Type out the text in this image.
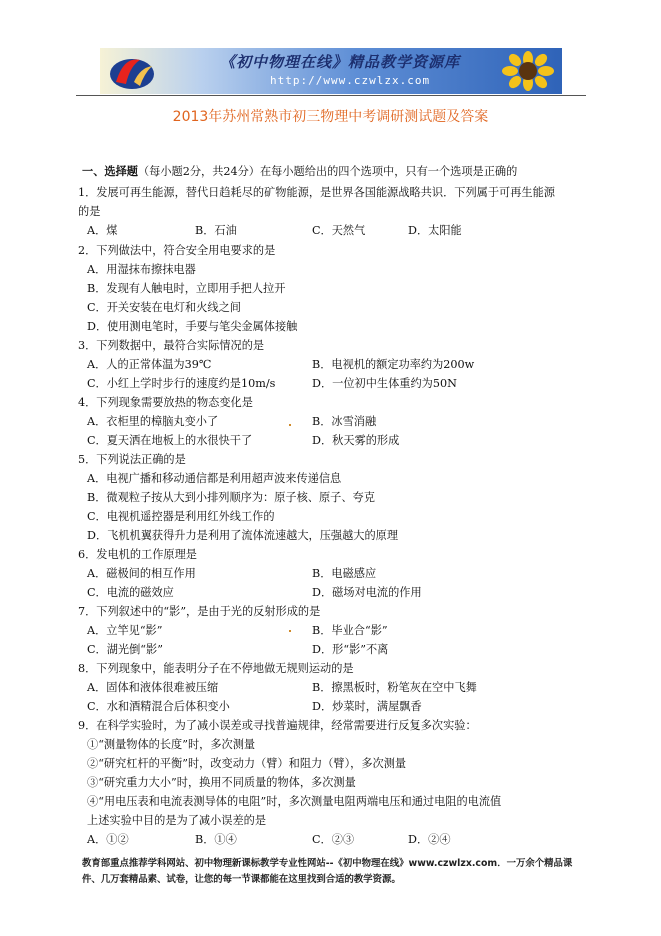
《初中物理在线》精品教学资源库
http://www.czwlzx.com
2013年苏州常熟市初三物理中考调研测试题及答案
一、选择题（每小题2分，共24分）在每小题给出的四个选项中，只有一个选项是正确的
1．发展可再生能源，替代日趋耗尽的矿物能源，是世界各国能源战略共识．下列属于可再生能源
的是
A．煤	B．石油	C．天然气	D．太阳能
2．下列做法中，符合安全用电要求的是
A．用湿抹布擦抹电器
B．发现有人触电时，立即用手把人拉开
C．开关安装在电灯和火线之间
D．使用测电笔时，手要与笔尖金属体接触
3．下列数据中，最符合实际情况的是
A．人的正常体温为39℃	B．电视机的额定功率约为200w
C．小红上学时步行的速度约是10m/s	D．一位初中生体重约为50N
4．下列现象需要放热的物态变化是
A．衣柜里的樟脑丸变小了	B．冰雪消融
C．夏天洒在地板上的水很快干了	D．秋天雾的形成
5．下列说法正确的是
A．电视广播和移动通信都是利用超声波来传递信息
B．微观粒子按从大到小排列顺序为：原子核、原子、夸克
C．电视机遥控器是利用红外线工作的
D．飞机机翼获得升力是利用了流体流速越大，压强越大的原理
6．发电机的工作原理是
A．磁极间的相互作用	B．电磁感应
C．电流的磁效应	D．磁场对电流的作用
7．下列叙述中的“影”，是由于光的反射形成的是
A．立竿见“影”	B．毕业合“影”
C．湖光倒“影”	D．形“影”不离
8．下列现象中，能表明分子在不停地做无规则运动的是
A．固体和液体很难被压缩	B．擦黑板时，粉笔灰在空中飞舞
C．水和酒精混合后体积变小	D．炒菜时，满屋飘香
9．在科学实验时，为了减小误差或寻找普遍规律，经常需要进行反复多次实验：
①“测量物体的长度”时，多次测量
②“研究杠杆的平衡”时，改变动力（臂）和阻力（臂），多次测量
③“研究重力大小”时，换用不同质量的物体，多次测量
④“用电压表和电流表测导体的电阻”时，多次测量电阻两端电压和通过电阻的电流值
上述实验中目的是为了减小误差的是
A．①②	B．①④	C．②③	D．②④
教育部重点推荐学科网站、初中物理新课标教学专业性网站--《初中物理在线》www.czwlzx.com．一万余个精品课
件、几万套精品素、试卷，让您的每一节课都能在这里找到合适的教学资源。
